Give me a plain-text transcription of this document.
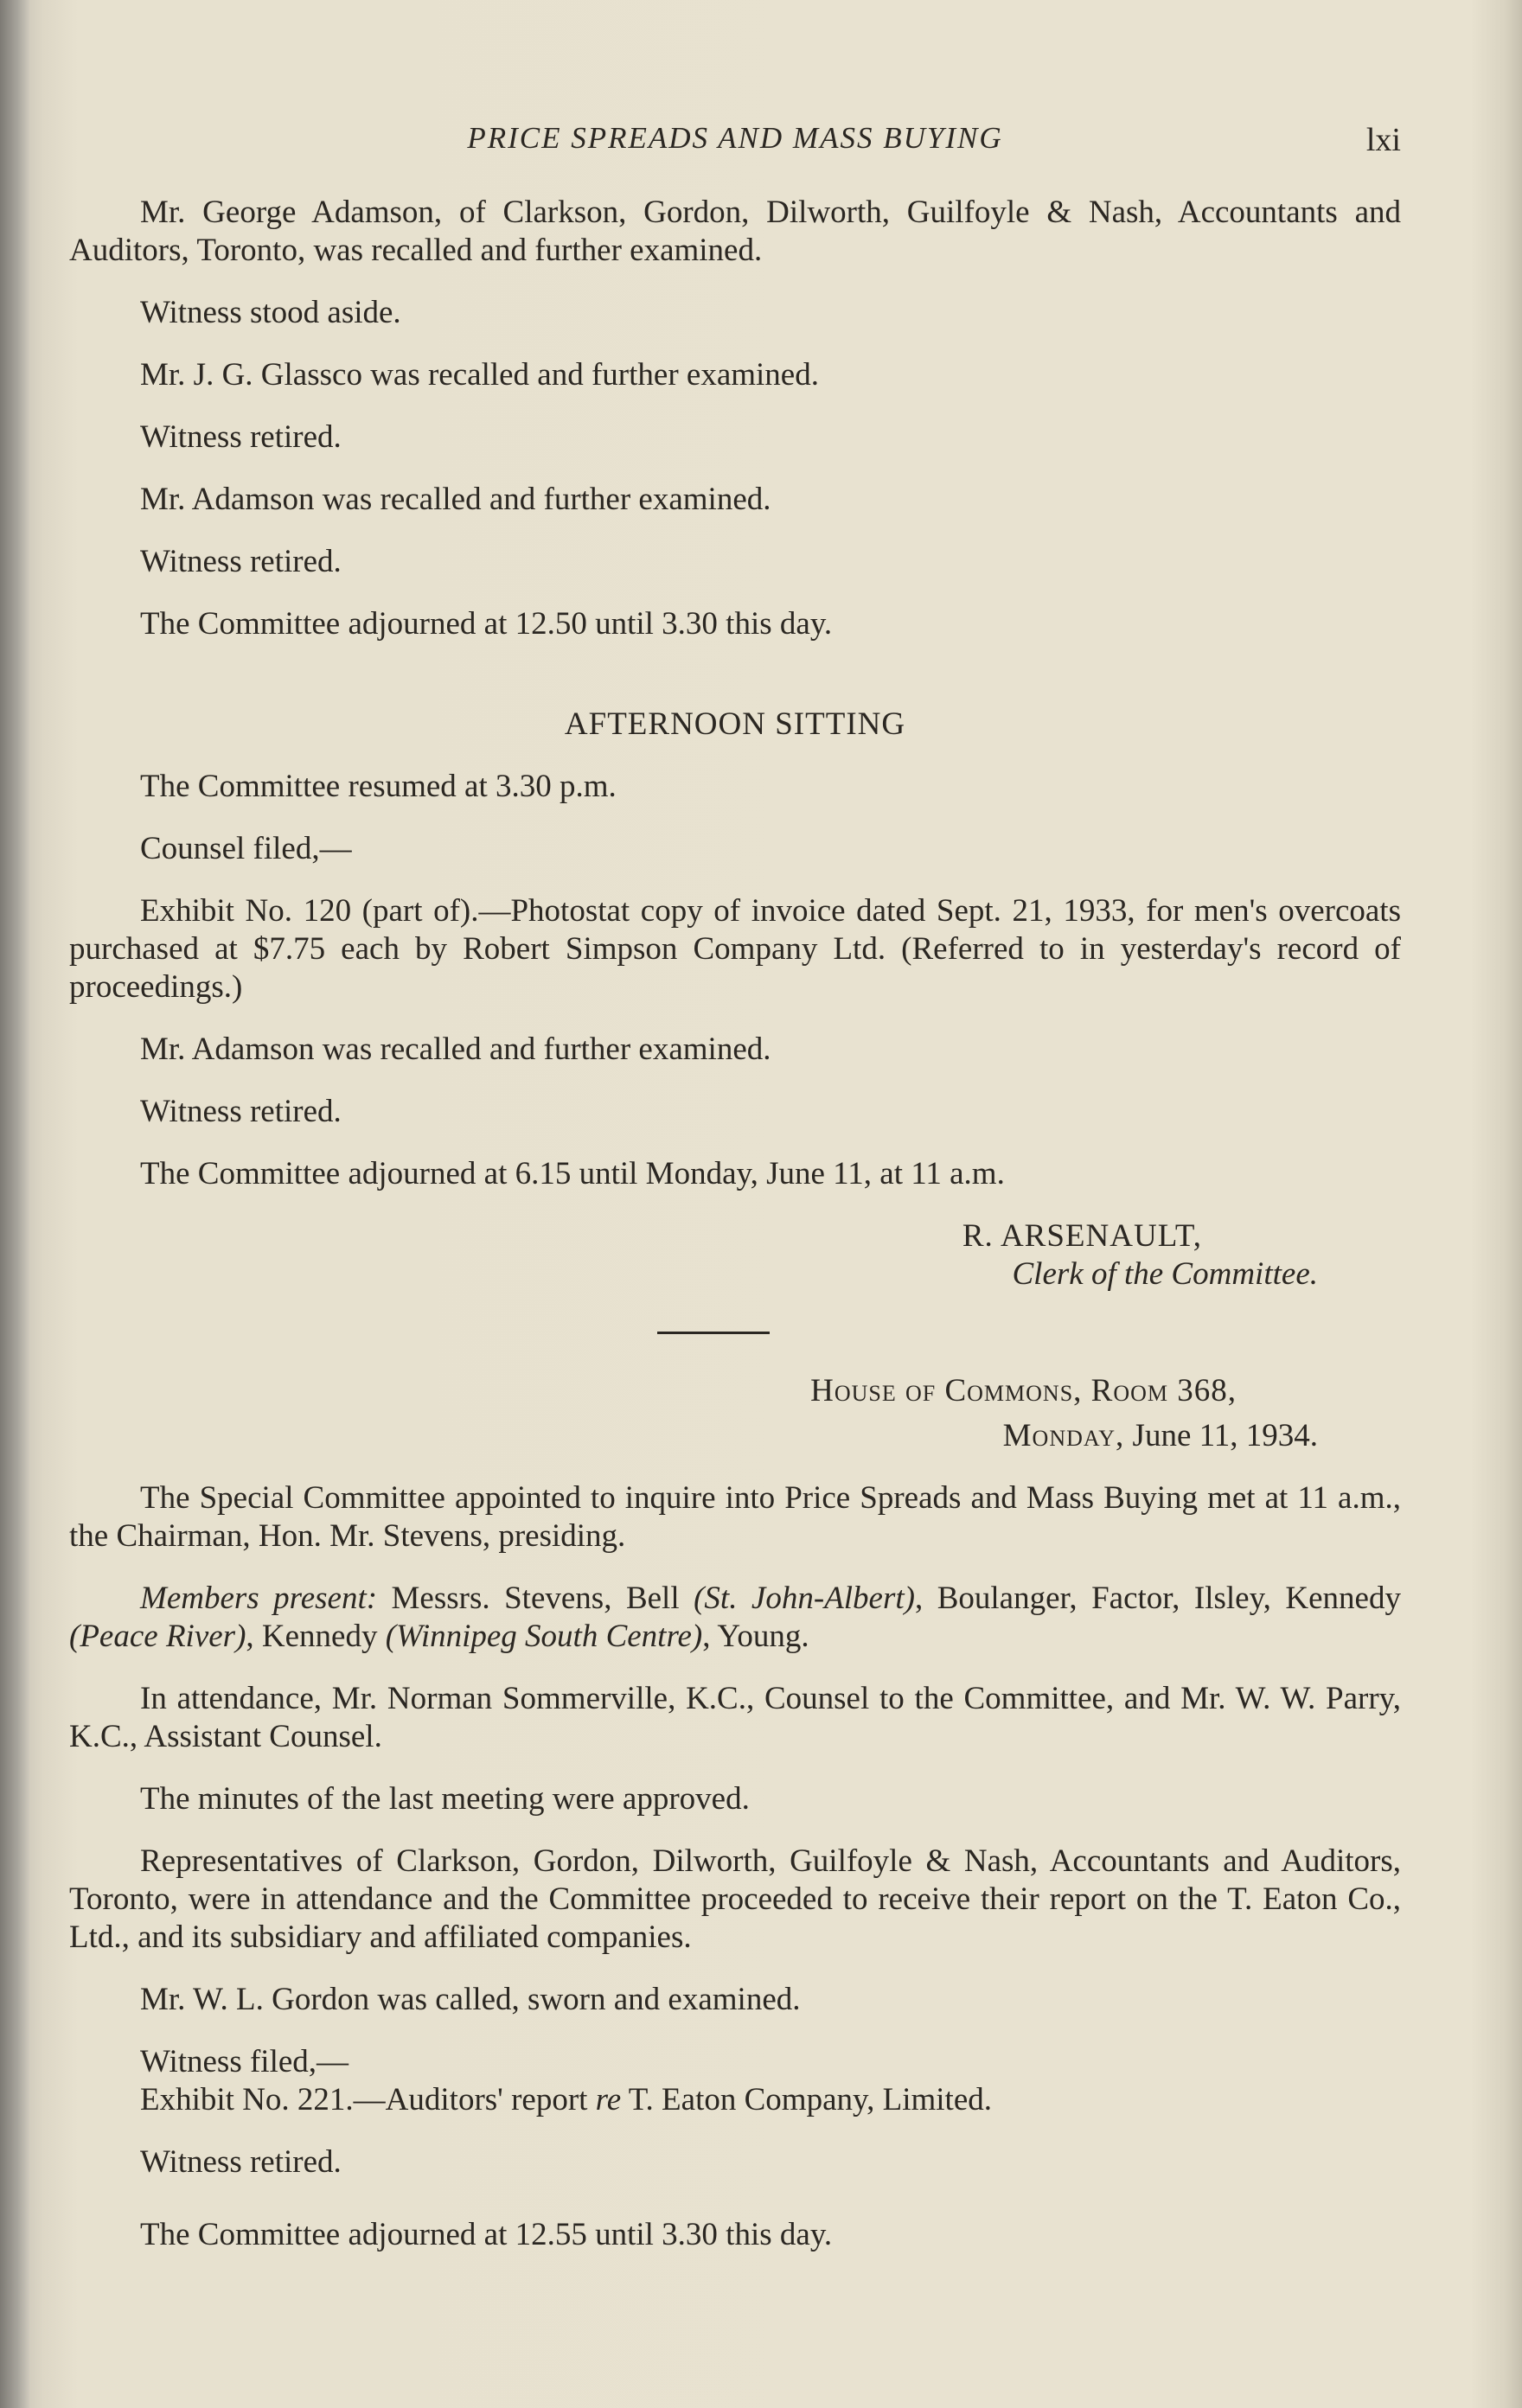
PRICE SPREADS AND MASS BUYING	lxi

Mr. George Adamson, of Clarkson, Gordon, Dilworth, Guilfoyle & Nash, Accountants and Auditors, Toronto, was recalled and further examined.

Witness stood aside.

Mr. J. G. Glassco was recalled and further examined.

Witness retired.

Mr. Adamson was recalled and further examined.

Witness retired.

The Committee adjourned at 12.50 until 3.30 this day.

AFTERNOON SITTING

The Committee resumed at 3.30 p.m.

Counsel filed,—

Exhibit No. 120 (part of).—Photostat copy of invoice dated Sept. 21, 1933, for men's overcoats purchased at $7.75 each by Robert Simpson Company Ltd. (Referred to in yesterday's record of proceedings.)

Mr. Adamson was recalled and further examined.

Witness retired.

The Committee adjourned at 6.15 until Monday, June 11, at 11 a.m.

R. ARSENAULT,

Clerk of the Committee.

House of Commons, Room 368,

Monday, June 11, 1934.

The Special Committee appointed to inquire into Price Spreads and Mass Buying met at 11 a.m., the Chairman, Hon. Mr. Stevens, presiding.

Members present: Messrs. Stevens, Bell (St. John-Albert), Boulanger, Factor, Ilsley, Kennedy (Peace River), Kennedy (Winnipeg South Centre), Young.

In attendance, Mr. Norman Sommerville, K.C., Counsel to the Committee, and Mr. W. W. Parry, K.C., Assistant Counsel.

The minutes of the last meeting were approved.

Representatives of Clarkson, Gordon, Dilworth, Guilfoyle & Nash, Accountants and Auditors, Toronto, were in attendance and the Committee proceeded to receive their report on the T. Eaton Co., Ltd., and its subsidiary and affiliated companies.

Mr. W. L. Gordon was called, sworn and examined.

Witness filed,—

Exhibit No. 221.—Auditors' report re T. Eaton Company, Limited.

Witness retired.

The Committee adjourned at 12.55 until 3.30 this day.
